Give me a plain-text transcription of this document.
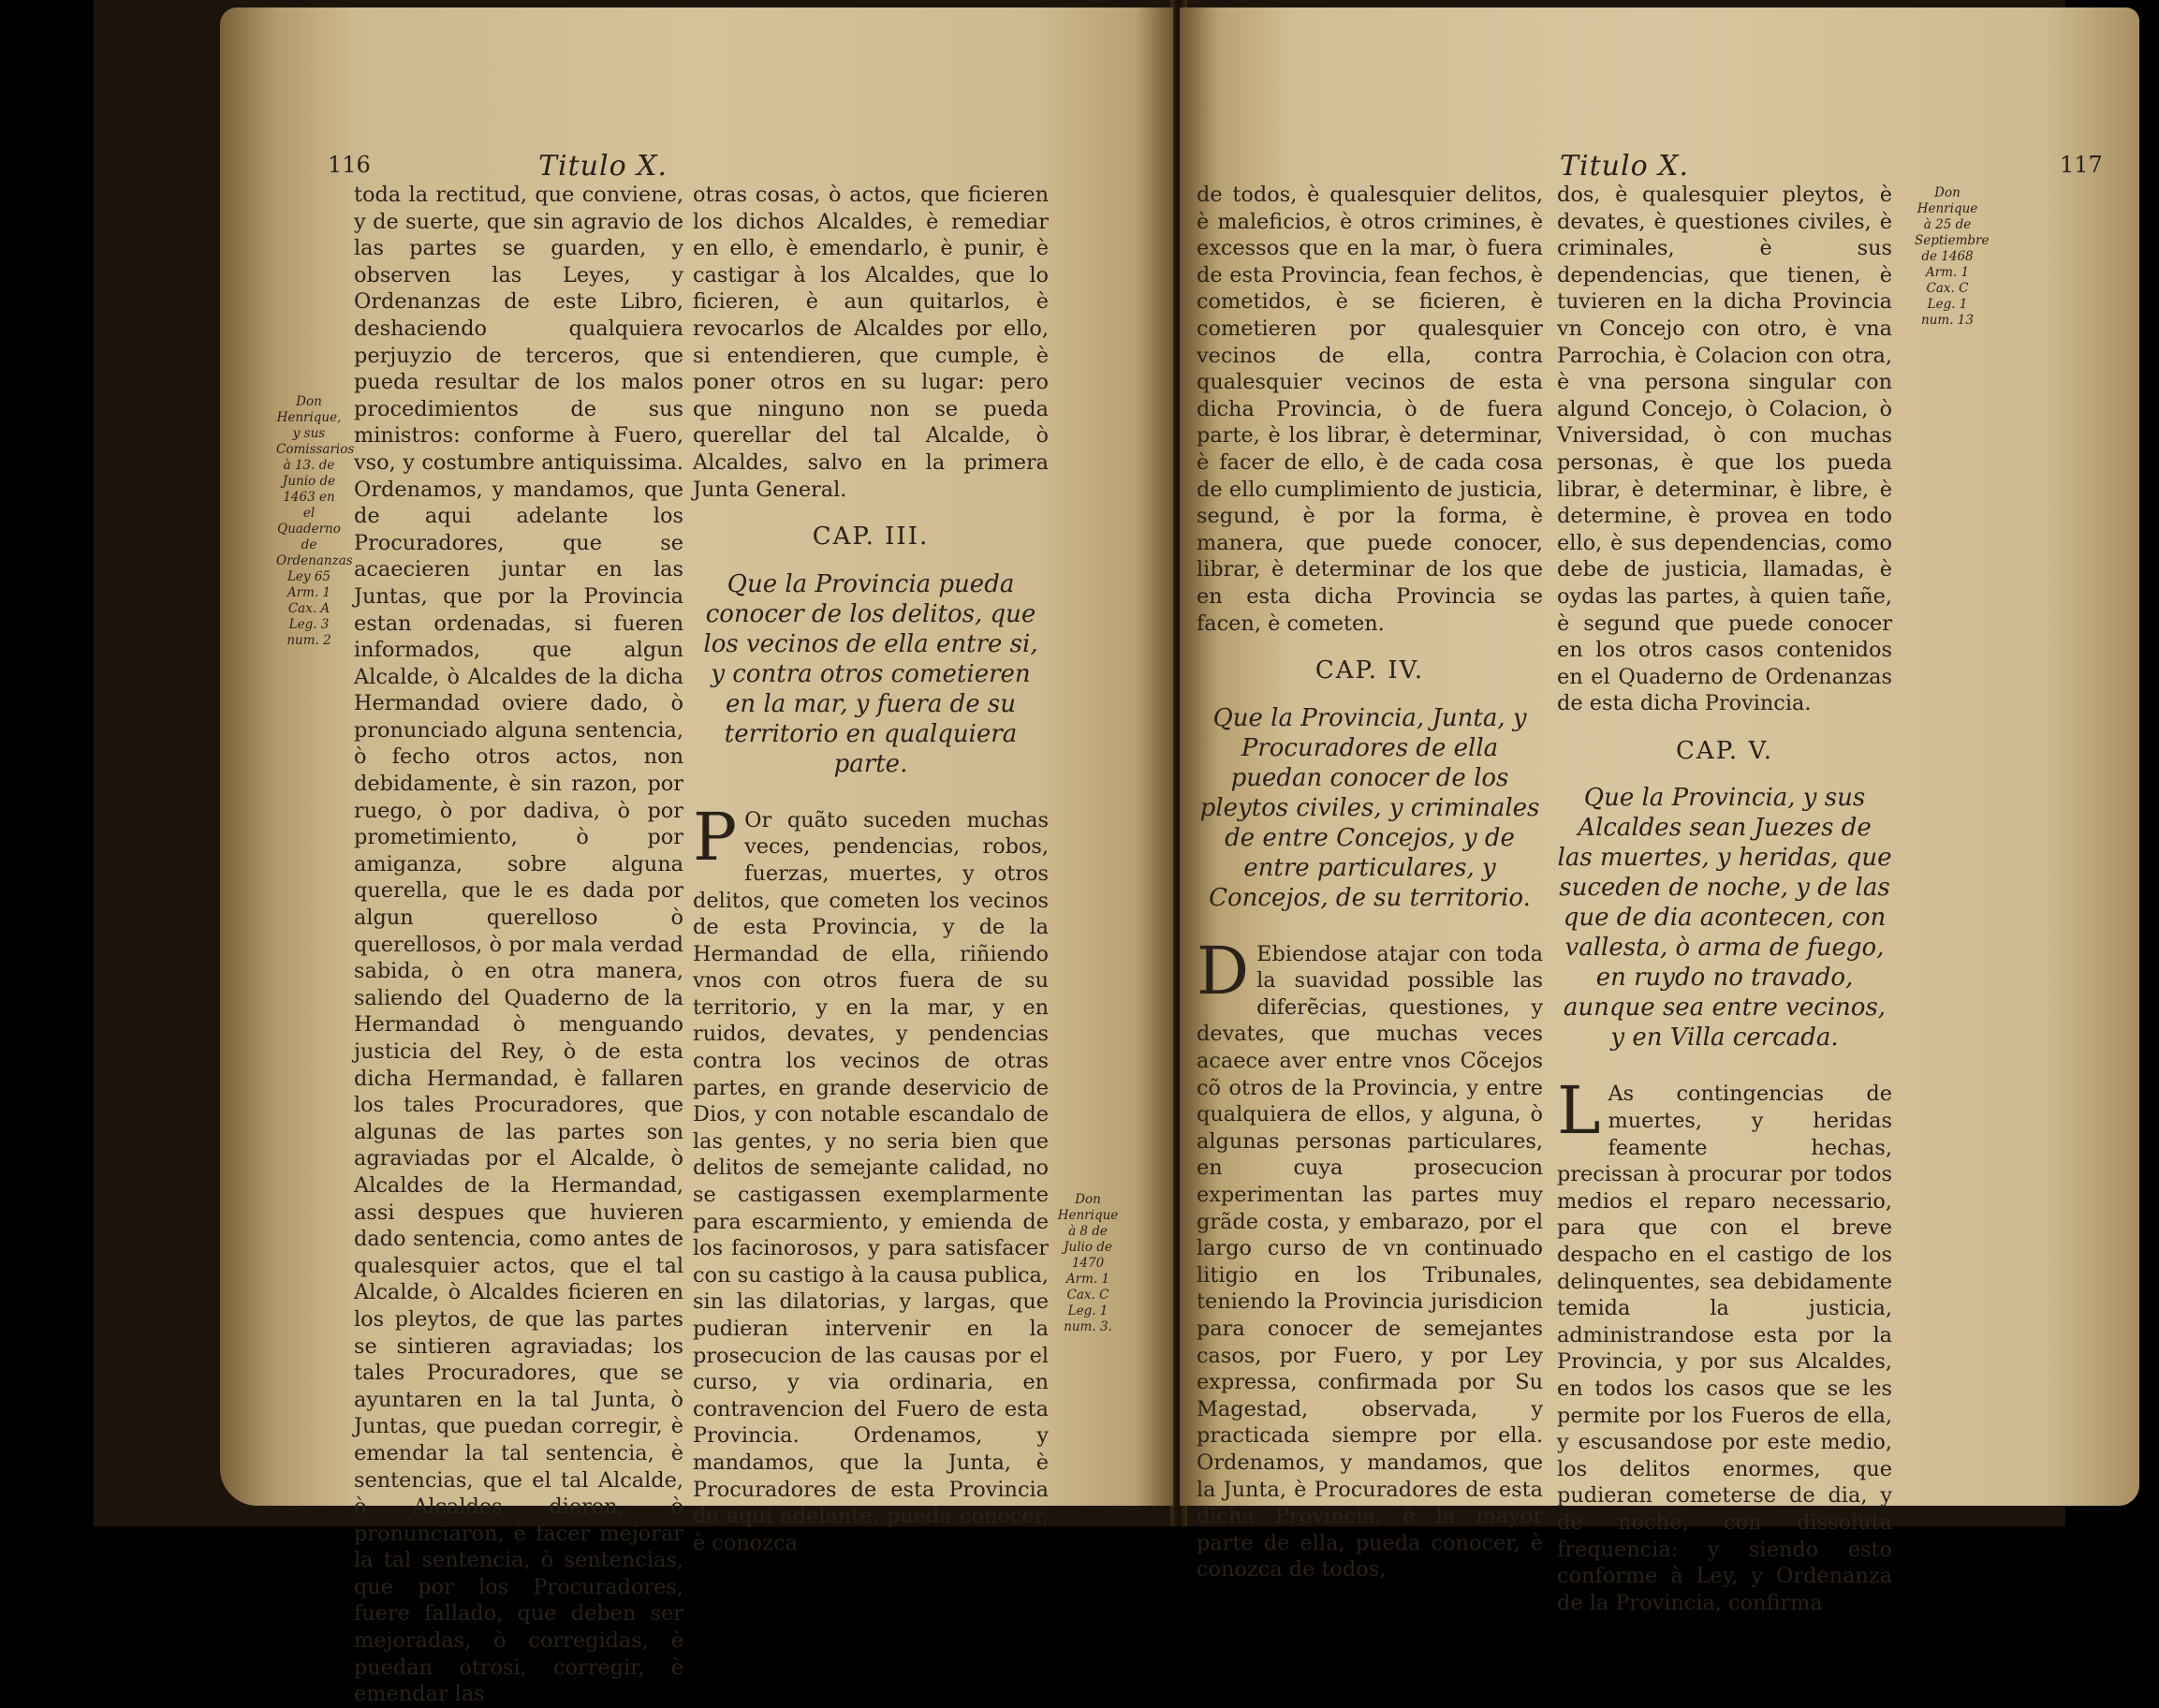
116	Titulo X.
Don Henrique, y sus Comissarios à 13. de Junio de 1463 en el Quaderno de Ordenanzas Ley 65 Arm. 1 Cax. A Leg. 3 num. 2

toda la rectitud, que conviene, y de suerte, que sin agravio de las partes se guarden, y observen las Leyes, y Ordenanzas de este Libro, deshaciendo qualquiera perjuyzio de terceros, que pueda resultar de los malos procedimientos de sus ministros: conforme à Fuero, vso, y costumbre antiquissima. Ordenamos, y mandamos, que de aqui adelante los Procuradores, que se acaecieren juntar en las Juntas, que por la Provincia estan ordenadas, si fueren informados, que algun Alcalde, ò Alcaldes de la dicha Hermandad oviere dado, ò pronunciado alguna sentencia, ò fecho otros actos, non debidamente, è sin razon, por ruego, ò por dadiva, ò por prometimiento, ò por amiganza, sobre alguna querella, que le es dada por algun querelloso ò querellosos, ò por mala verdad sabida, ò en otra manera, saliendo del Quaderno de la Hermandad ò menguando justicia del Rey, ò de esta dicha Hermandad, è fallaren los tales Procuradores, que algunas de las partes son agraviadas por el Alcalde, ò Alcaldes de la Hermandad, assi despues que huvieren dado sentencia, como antes de qualesquier actos, que el tal Alcalde, ò Alcaldes ficieren en los pleytos, de que las partes se sintieren agraviadas; los tales Procuradores, que se ayuntaren en la tal Junta, ò Juntas, que puedan corregir, è emendar la tal sentencia, è sentencias, que el tal Alcalde, ò Alcaldes dieron, ò pronunciaron, è facer mejorar la tal sentencia, ò sentencias, que por los Procuradores, fuere fallado, que deben ser mejoradas, ò corregidas, è puedan otrosi, corregir, è emendar las

otras cosas, ò actos, que ficieren los dichos Alcaldes, è remediar en ello, è emendarlo, è punir, è castigar à los Alcaldes, que lo ficieren, è aun quitarlos, è revocarlos de Alcaldes por ello, si entendieren, que cumple, è poner otros en su lugar: pero que ninguno non se pueda querellar del tal Alcalde, ò Alcaldes, salvo en la primera Junta General.

CAP. III.
Que la Provincia pueda conocer de los delitos, que los vecinos de ella entre si, y contra otros cometieren en la mar, y fuera de su territorio en qualquiera parte.

P Or quãto suceden muchas veces, pendencias, robos, fuerzas, muertes, y otros delitos, que cometen los vecinos de esta Provincia, y de la Hermandad de ella, riñiendo vnos con otros fuera de su territorio, y en la mar, y en ruidos, devates, y pendencias contra los vecinos de otras partes, en grande deservicio de Dios, y con notable escandalo de las gentes, y no seria bien que delitos de semejante calidad, no se castigassen exemplarmente para escarmiento, y emienda de los facinorosos, y para satisfacer con su castigo à la causa publica, sin las dilatorias, y largas, que pudieran intervenir en la prosecucion de las causas por el curso, y via ordinaria, en contravencion del Fuero de esta Provincia. Ordenamos, y mandamos, que la Junta, è Procuradores de esta Provincia de aqui adelante, pueda conocer, è conozca

Don Henrique à 8 de Julio de 1470 Arm. 1 Cax. C Leg. 1 num. 3.
Titulo X.	117

de todos, è qualesquier delitos, è maleficios, è otros crimines, è excessos que en la mar, ò fuera de esta Provincia, fean fechos, è cometidos, è se ficieren, è cometieren por qualesquier vecinos de ella, contra qualesquier vecinos de esta dicha Provincia, ò de fuera parte, è los librar, è determinar, è facer de ello, è de cada cosa de ello cumplimiento de justicia, segund, è por la forma, è manera, que puede conocer, librar, è determinar de los que en esta dicha Provincia se facen, è cometen.

CAP. IV.
Que la Provincia, Junta, y Procuradores de ella puedan conocer de los pleytos civiles, y criminales de entre Concejos, y de entre particulares, y Concejos, de su territorio.

D Ebiendose atajar con toda la suavidad possible las diferẽcias, questiones, y devates, que muchas veces acaece aver entre vnos Cõcejos cõ otros de la Provincia, y entre qualquiera de ellos, y alguna, ò algunas personas particulares, en cuya prosecucion experimentan las partes muy grãde costa, y embarazo, por el largo curso de vn continuado litigio en los Tribunales, teniendo la Provincia jurisdicion para conocer de semejantes casos, por Fuero, y por Ley expressa, confirmada por Su Magestad, observada, y practicada siempre por ella. Ordenamos, y mandamos, que la Junta, è Procuradores de esta dicha Provincia, è la mayor parte de ella, pueda conocer, è conozca de todos,

dos, è qualesquier pleytos, è devates, è questiones civiles, è criminales, è sus dependencias, que tienen, è tuvieren en la dicha Provincia vn Concejo con otro, è vna Parrochia, è Colacion con otra, è vna persona singular con algund Concejo, ò Colacion, ò Vniversidad, ò con muchas personas, è que los pueda librar, è determinar, è libre, è determine, è provea en todo ello, è sus dependencias, como debe de justicia, llamadas, è oydas las partes, à quien tañe, è segund que puede conocer en los otros casos contenidos en el Quaderno de Ordenanzas de esta dicha Provincia.

CAP. V.
Que la Provincia, y sus Alcaldes sean Juezes de las muertes, y heridas, que suceden de noche, y de las que de dia acontecen, con vallesta, ò arma de fuego, en ruydo no travado, aunque sea entre vecinos, y en Villa cercada.

L As contingencias de muertes, y heridas feamente hechas, precissan à procurar por todos medios el reparo necessario, para que con el breve despacho en el castigo de los delinquentes, sea debidamente temida la justicia, administrandose esta por la Provincia, y por sus Alcaldes, en todos los casos que se les permite por los Fueros de ella, y escusandose por este medio, los delitos enormes, que pudieran cometerse de dia, y de noche, con dissoluta frequencia: y siendo esto conforme à Ley, y Ordenanza de la Provincia, confirma

Don Henrique à 25 de Septiembre de 1468 Arm. 1 Cax. C Leg. 1 num. 13
